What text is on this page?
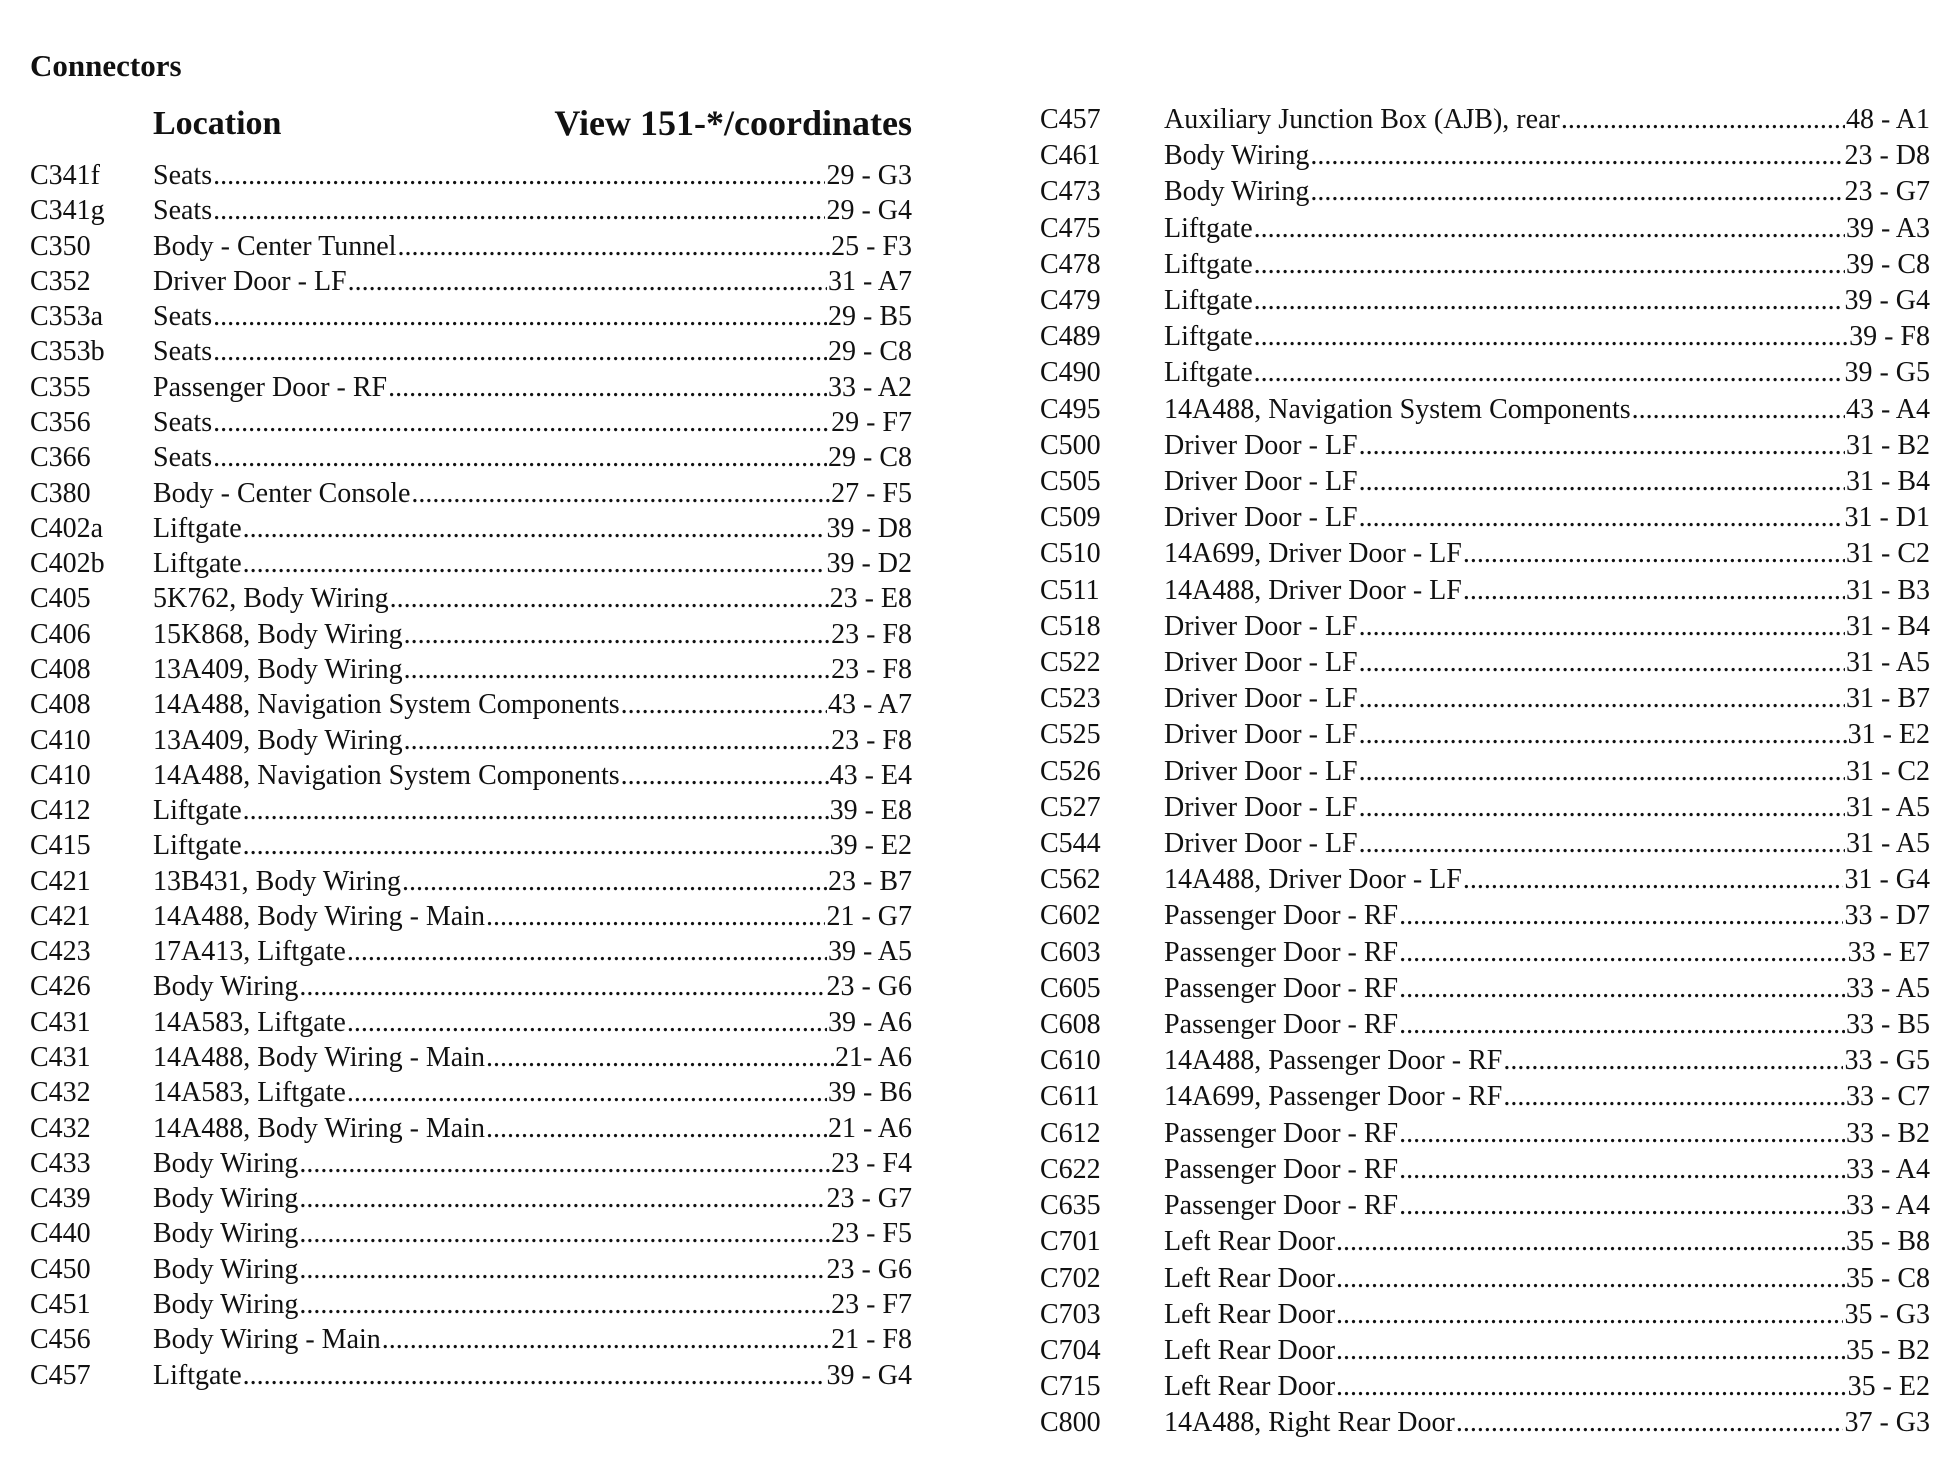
Connectors
Location	View 151-*/coordinates
C341f	Seats .....	29 - G3
C341g	Seats .....	29 - G4
C350	Body - Center Tunnel .....	25 - F3
C352	Driver Door - LF .....	31 - A7
C353a	Seats .....	29 - B5
C353b	Seats .....	29 - C8
C355	Passenger Door - RF .....	33 - A2
C356	Seats .....	29 - F7
C366	Seats .....	29 - C8
C380	Body - Center Console .....	27 - F5
C402a	Liftgate .....	39 - D8
C402b	Liftgate .....	39 - D2
C405	5K762, Body Wiring .....	23 - E8
C406	15K868, Body Wiring .....	23 - F8
C408	13A409, Body Wiring .....	23 - F8
C408	14A488, Navigation System Components .....	43 - A7
C410	13A409, Body Wiring .....	23 - F8
C410	14A488, Navigation System Components .....	43 - E4
C412	Liftgate .....	39 - E8
C415	Liftgate .....	39 - E2
C421	13B431, Body Wiring .....	23 - B7
C421	14A488, Body Wiring - Main .....	21 - G7
C423	17A413, Liftgate .....	39 - A5
C426	Body Wiring .....	23 - G6
C431	14A583, Liftgate .....	39 - A6
C431	14A488, Body Wiring - Main .....	21- A6
C432	14A583, Liftgate .....	39 - B6
C432	14A488, Body Wiring - Main .....	21 - A6
C433	Body Wiring .....	23 - F4
C439	Body Wiring .....	23 - G7
C440	Body Wiring .....	23 - F5
C450	Body Wiring .....	23 - G6
C451	Body Wiring .....	23 - F7
C456	Body Wiring - Main .....	21 - F8
C457	Liftgate .....	39 - G4
C457	Auxiliary Junction Box (AJB), rear .....	48 - A1
C461	Body Wiring .....	23 - D8
C473	Body Wiring .....	23 - G7
C475	Liftgate .....	39 - A3
C478	Liftgate .....	39 - C8
C479	Liftgate .....	39 - G4
C489	Liftgate .....	39 - F8
C490	Liftgate .....	39 - G5
C495	14A488, Navigation System Components .....	43 - A4
C500	Driver Door - LF .....	31 - B2
C505	Driver Door - LF .....	31 - B4
C509	Driver Door - LF .....	31 - D1
C510	14A699, Driver Door - LF .....	31 - C2
C511	14A488, Driver Door - LF .....	31 - B3
C518	Driver Door - LF .....	31 - B4
C522	Driver Door - LF .....	31 - A5
C523	Driver Door - LF .....	31 - B7
C525	Driver Door - LF .....	31 - E2
C526	Driver Door - LF .....	31 - C2
C527	Driver Door - LF .....	31 - A5
C544	Driver Door - LF .....	31 - A5
C562	14A488, Driver Door - LF .....	31 - G4
C602	Passenger Door - RF .....	33 - D7
C603	Passenger Door - RF .....	33 - E7
C605	Passenger Door - RF .....	33 - A5
C608	Passenger Door - RF .....	33 - B5
C610	14A488, Passenger Door - RF .....	33 - G5
C611	14A699, Passenger Door - RF .....	33 - C7
C612	Passenger Door - RF .....	33 - B2
C622	Passenger Door - RF .....	33 - A4
C635	Passenger Door - RF .....	33 - A4
C701	Left Rear Door .....	35 - B8
C702	Left Rear Door .....	35 - C8
C703	Left Rear Door .....	35 - G3
C704	Left Rear Door .....	35 - B2
C715	Left Rear Door .....	35 - E2
C800	14A488, Right Rear Door .....	37 - G3
